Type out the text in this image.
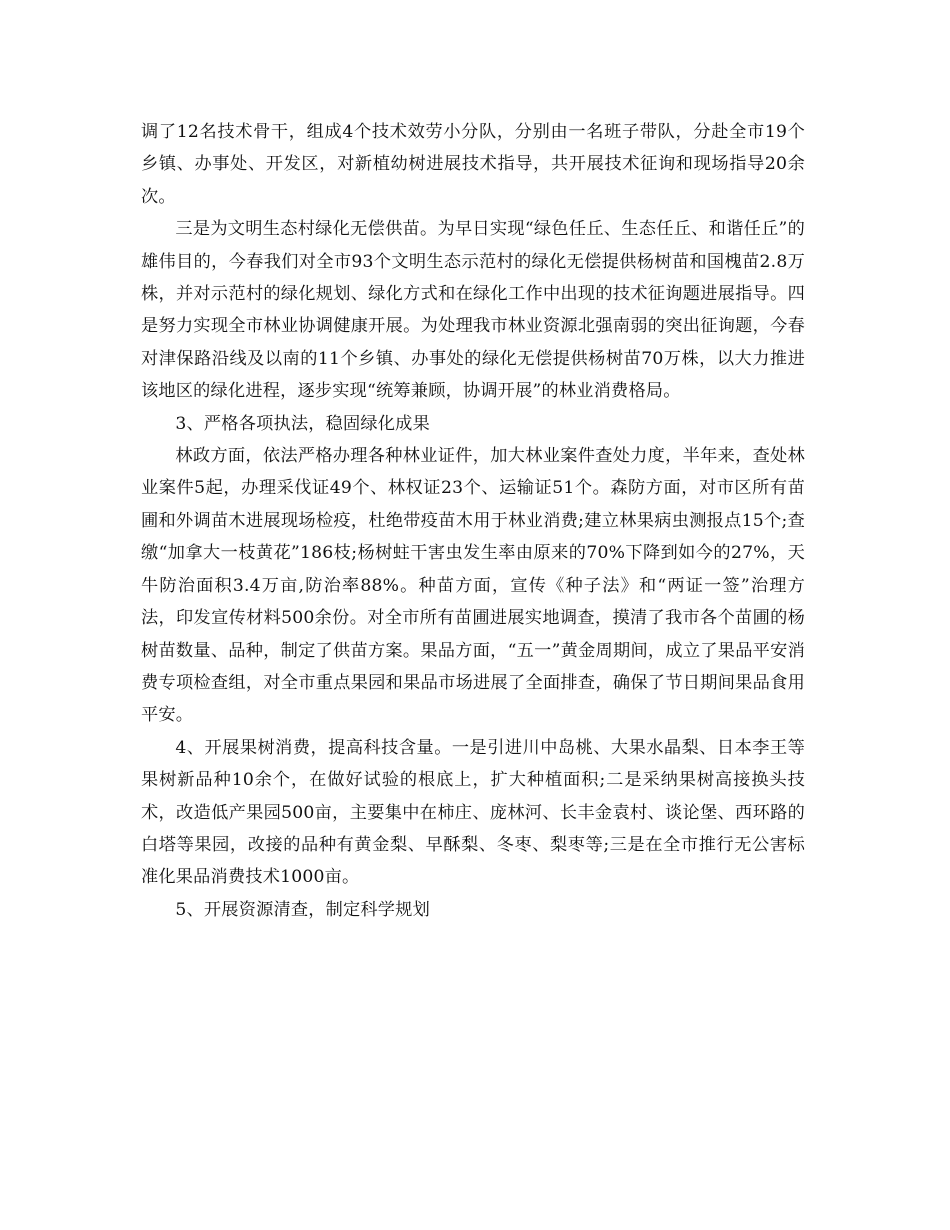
调了12名技术骨干，组成4个技术效劳小分队，分别由一名班子带队，分赴全市19个乡镇、办事处、开发区，对新植幼树进展技术指导，共开展技术征询和现场指导20余次。

三是为文明生态村绿化无偿供苗。为早日实现“绿色任丘、生态任丘、和谐任丘”的雄伟目的，今春我们对全市93个文明生态示范村的绿化无偿提供杨树苗和国槐苗2.8万株，并对示范村的绿化规划、绿化方式和在绿化工作中出现的技术征询题进展指导。四是努力实现全市林业协调健康开展。为处理我市林业资源北强南弱的突出征询题，今春对津保路沿线及以南的11个乡镇、办事处的绿化无偿提供杨树苗70万株，以大力推进该地区的绿化进程，逐步实现“统筹兼顾，协调开展”的林业消费格局。

3、严格各项执法，稳固绿化成果

林政方面，依法严格办理各种林业证件，加大林业案件查处力度，半年来，查处林业案件5起，办理采伐证49个、林权证23个、运输证51个。森防方面，对市区所有苗圃和外调苗木进展现场检疫，杜绝带疫苗木用于林业消费;建立林果病虫测报点15个;查缴“加拿大一枝黄花”186枝;杨树蛀干害虫发生率由原来的70%下降到如今的27%，天牛防治面积3.4万亩,防治率88%。种苗方面，宣传《种子法》和“两证一签”治理方法，印发宣传材料500余份。对全市所有苗圃进展实地调查，摸清了我市各个苗圃的杨树苗数量、品种，制定了供苗方案。果品方面，“五一”黄金周期间，成立了果品平安消费专项检查组，对全市重点果园和果品市场进展了全面排查，确保了节日期间果品食用平安。

4、开展果树消费，提高科技含量。一是引进川中岛桃、大果水晶梨、日本李王等果树新品种10余个，在做好试验的根底上，扩大种植面积;二是采纳果树高接换头技术，改造低产果园500亩，主要集中在柿庄、庞林河、长丰金袁村、谈论堡、西环路的白塔等果园，改接的品种有黄金梨、早酥梨、冬枣、梨枣等;三是在全市推行无公害标准化果品消费技术1000亩。

5、开展资源清查，制定科学规划
